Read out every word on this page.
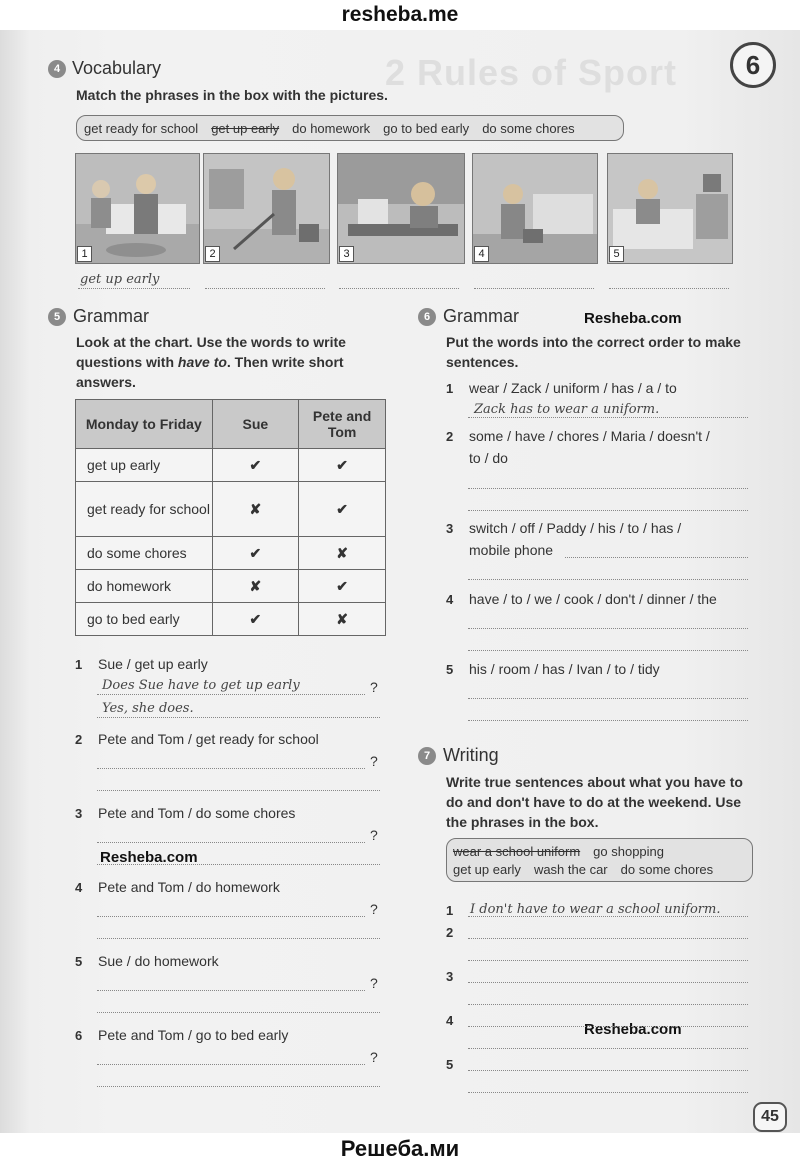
resheba.me
2 Rules of Sport	6
4 Vocabulary
Match the phrases in the box with the pictures.
get ready for school get up early do homework go to bed early do some chores
1	2	3	4	5
get up early
5 Grammar
Look at the chart. Use the words to write questions with have to. Then write short answers.
Monday to Friday	Sue	Pete and Tom
get up early	✔	✔
get ready for school	✘	✔
do some chores	✔	✘
do homework	✘	✔
go to bed early	✔	✘
1 Sue / get up early
Does Sue have to get up early	?
Yes, she does.
2 Pete and Tom / get ready for school
?
3 Pete and Tom / do some chores
?
Resheba.com
4 Pete and Tom / do homework
?
5 Sue / do homework
?
6 Pete and Tom / go to bed early
?
6 Grammar	Resheba.com
Put the words into the correct order to make sentences.
1 wear / Zack / uniform / has / a / to
Zack has to wear a uniform.
2 some / have / chores / Maria / doesn't /
to / do
3 switch / off / Paddy / his / to / has /
mobile phone
4 have / to / we / cook / don't / dinner / the
5 his / room / has / Ivan / to / tidy
7 Writing
Write true sentences about what you have to do and don't have to do at the weekend. Use the phrases in the box.
wear a school uniform go shopping
get up early wash the car do some chores
1 I don't have to wear a school uniform.
2
3
4
Resheba.com
5
45
Решеба.ми
